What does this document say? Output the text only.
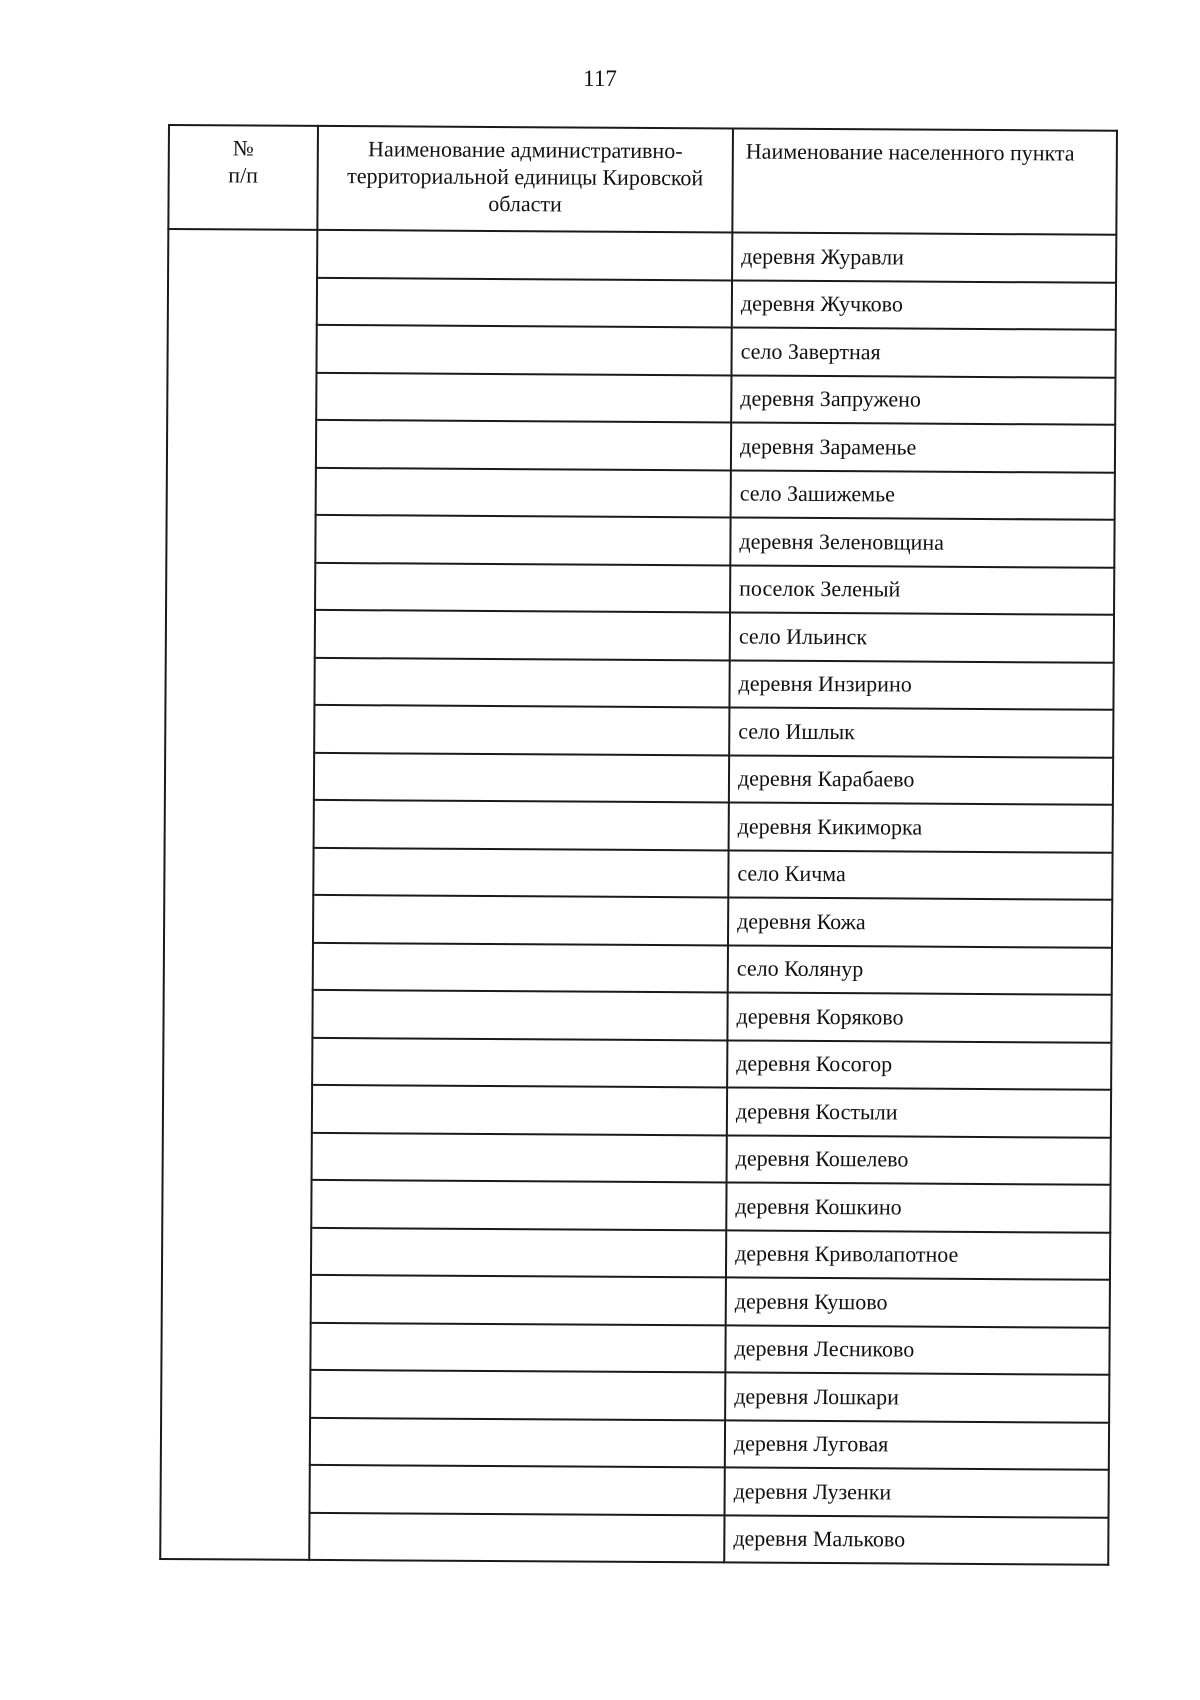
117
№
п/п	Наименование административно-территориальной единицы Кировской области	Наименование населенного пункта
		деревня Журавли
		деревня Жучково
		село Завертная
		деревня Запружено
		деревня Зараменье
		село Зашижемье
		деревня Зеленовщина
		поселок Зеленый
		село Ильинск
		деревня Инзирино
		село Ишлык
		деревня Карабаево
		деревня Кикиморка
		село Кичма
		деревня Кожа
		село Колянур
		деревня Коряково
		деревня Косогор
		деревня Костыли
		деревня Кошелево
		деревня Кошкино
		деревня Криволапотное
		деревня Кушово
		деревня Лесниково
		деревня Лошкари
		деревня Луговая
		деревня Лузенки
		деревня Мальково
